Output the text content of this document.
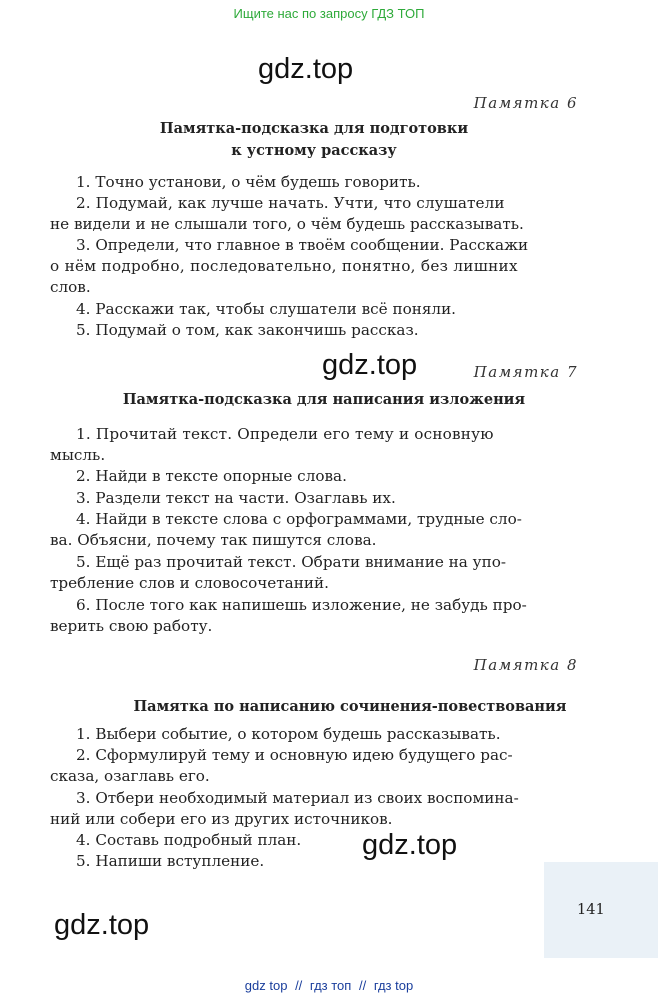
Ищите нас по запросу ГДЗ ТОП
gdz.top
gdz.top
gdz.top
gdz.top
Памятка 6
Памятка-подсказка для подготовки
к устному рассказу
1. Точно установи, о чём будешь говорить.
2. Подумай, как лучше начать. Учти, что слушатели
не видели и не слышали того, о чём будешь рассказывать.
3. Определи, что главное в твоём сообщении. Расскажи
о нём подробно, последовательно, понятно, без лишних
слов.
4. Расскажи так, чтобы слушатели всё поняли.
5. Подумай о том, как закончишь рассказ.
Памятка 7
Памятка-подсказка для написания изложения
1. Прочитай текст. Определи его тему и основную
мысль.
2. Найди в тексте опорные слова.
3. Раздели текст на части. Озаглавь их.
4. Найди в тексте слова с орфограммами, трудные сло-
ва. Объясни, почему так пишутся слова.
5. Ещё раз прочитай текст. Обрати внимание на упо-
требление слов и словосочетаний.
6. После того как напишешь изложение, не забудь про-
верить свою работу.
Памятка 8
Памятка по написанию сочинения-повествования
1. Выбери событие, о котором будешь рассказывать.
2. Сформулируй тему и основную идею будущего рас-
сказа, озаглавь его.
3. Отбери необходимый материал из своих воспомина-
ний или собери его из других источников.
4. Составь подробный план.
5. Напиши вступление.
141
gdz top // гдз топ // гдз top
